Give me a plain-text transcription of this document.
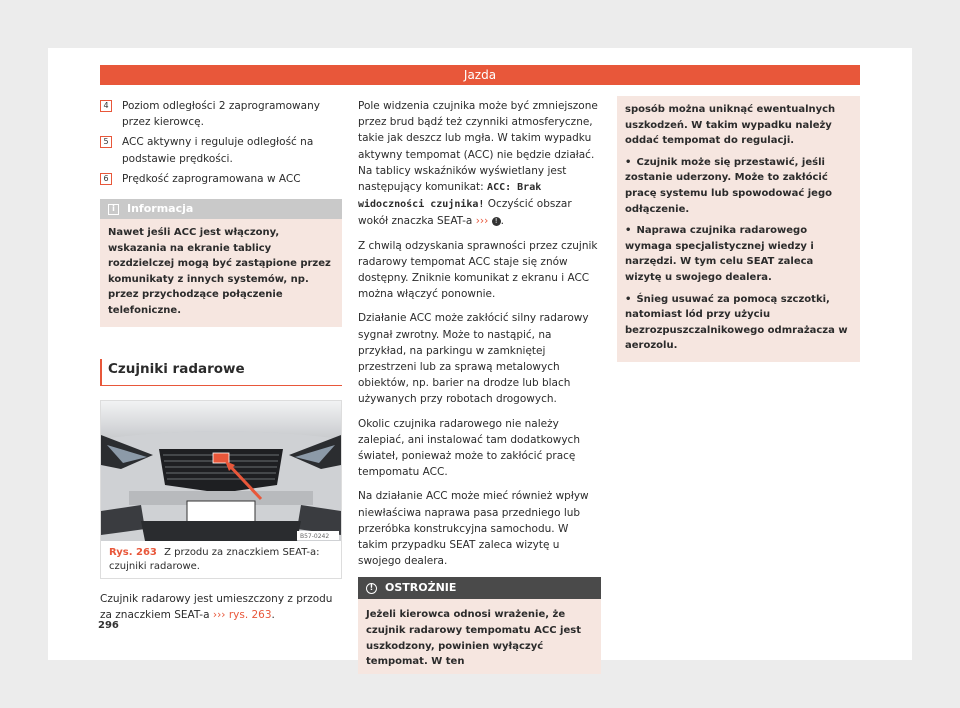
Jazda
4	Poziom odległości 2 zaprogramowany przez kierowcę.
5	ACC aktywny i reguluje odległość na podstawie prędkości.
6	Prędkość zaprogramowana w ACC
i	Informacja
Nawet jeśli ACC jest włączony, wskazania na ekranie tablicy rozdzielczej mogą być zastąpione przez komunikaty z innych systemów, np. przez przychodzące połączenie telefoniczne.
Czujniki radarowe
B57-0242
Rys. 263 Z przodu za znaczkiem SEAT-a: czujniki radarowe.
Czujnik radarowy jest umieszczony z przodu za znaczkiem SEAT-a ››› rys. 263.

Pole widzenia czujnika może być zmniejszone przez brud bądź też czynniki atmosferyczne, takie jak deszcz lub mgła. W takim wypadku aktywny tempomat (ACC) nie będzie działać. Na tablicy wskaźników wyświetlany jest następujący komunikat: ACC: Brak widoczności czujnika! Oczyścić obszar wokół znaczka SEAT-a ››› ! .

Z chwilą odzyskania sprawności przez czujnik radarowy tempomat ACC staje się znów dostępny. Zniknie komunikat z ekranu i ACC można włączyć ponownie.

Działanie ACC może zakłócić silny radarowy sygnał zwrotny. Może to nastąpić, na przykład, na parkingu w zamkniętej przestrzeni lub za sprawą metalowych obiektów, np. barier na drodze lub blach używanych przy robotach drogowych.

Okolic czujnika radarowego nie należy zalepiać, ani instalować tam dodatkowych świateł, ponieważ może to zakłócić pracę tempomatu ACC.

Na działanie ACC może mieć również wpływ niewłaściwa naprawa pasa przedniego lub przeróbka konstrukcyjna samochodu. W takim przypadku SEAT zaleca wizytę u swojego dealera.

!	OSTROŻNIE
Jeżeli kierowca odnosi wrażenie, że czujnik radarowy tempomatu ACC jest uszkodzony, powinien wyłączyć tempomat. W ten

sposób można uniknąć ewentualnych uszkodzeń. W takim wypadku należy oddać tempomat do regulacji.

• Czujnik może się przestawić, jeśli zostanie uderzony. Może to zakłócić pracę systemu lub spowodować jego odłączenie.

• Naprawa czujnika radarowego wymaga specjalistycznej wiedzy i narzędzi. W tym celu SEAT zaleca wizytę u swojego dealera.

• Śnieg usuwać za pomocą szczotki, natomiast lód przy użyciu bezrozpuszczalnikowego odmrażacza w aerozolu.

296
